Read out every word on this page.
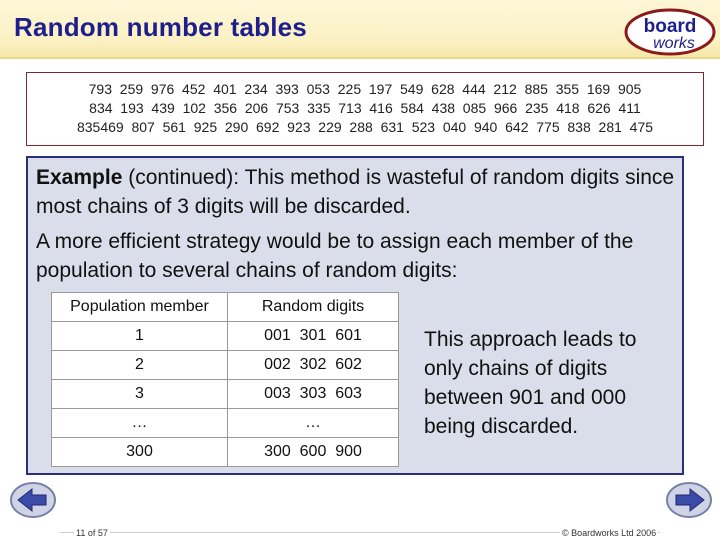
Random number tables	board
works
793  259  976  452  401  234  393  053  225  197  549  628  444  212  885  355  169  905
834  193  439  102  356  206  753  335  713  416  584  438  085  966  235  418  626  411
835469  807  561  925  290  692  923  229  288  631  523  040  940  642  775  838  281  475
Example (continued): This method is wasteful of random digits since most chains of 3 digits will be discarded.
A more efficient strategy would be to assign each member of the population to several chains of random digits:
Population member	Random digits
1	001  301  601
2	002  302  602
3	003  303  603
…	…
300	300  600  900
This approach leads to only chains of digits between 901 and 000 being discarded.
11 of 57	© Boardworks Ltd 2006
